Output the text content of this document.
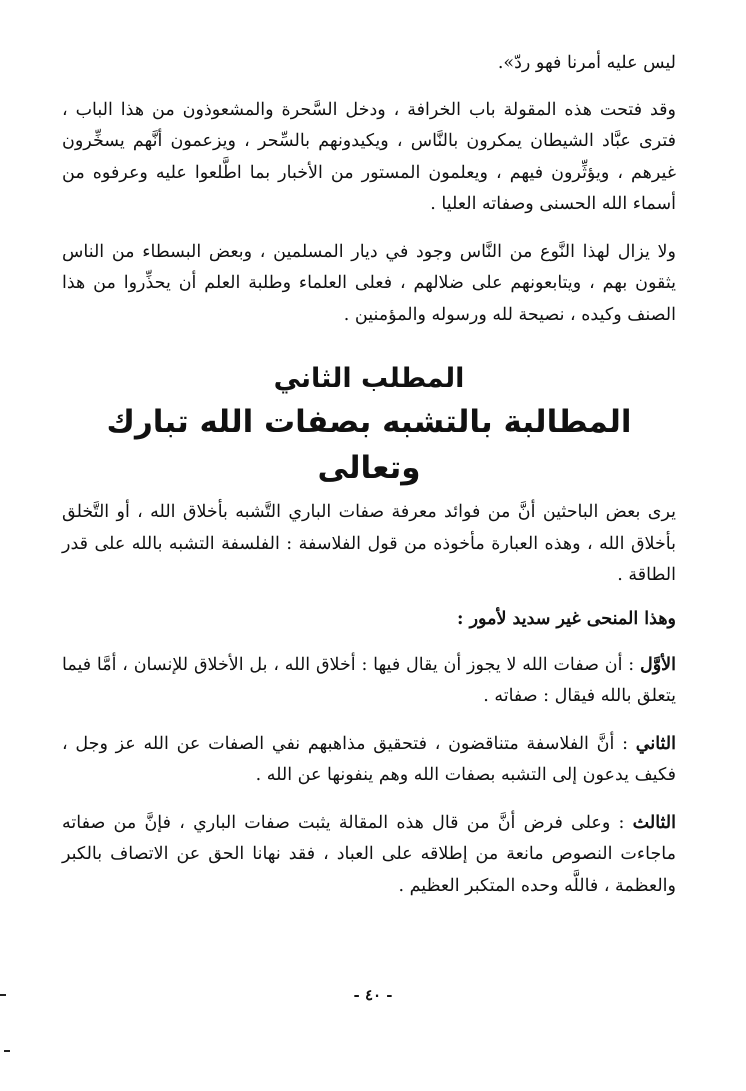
ليس عليه أمرنا فهو ردّ».

وقد فتحت هذه المقولة باب الخرافة ، ودخل السَّحرة والمشعوذون من هذا الباب ، فترى عبَّاد الشيطان يمكرون بالنَّاس ، ويكيدونهم بالسِّحر ، ويزعمون أنَّهم يسخِّرون غيرهم ، ويؤثِّرون فيهم ، ويعلمون المستور من الأخبار بما اطَّلعوا عليه وعرفوه من أسماء الله الحسنى وصفاته العليا .

ولا يزال لهذا النَّوع من النَّاس وجود في ديار المسلمين ، وبعض البسطاء من الناس يثقون بهم ، ويتابعونهم على ضلالهم ، فعلى العلماء وطلبة العلم أن يحذِّروا من هذا الصنف وكيده ، نصيحة لله ورسوله والمؤمنين .

المطلب الثاني
المطالبة بالتشبه بصفات الله تبارك وتعالى

يرى بعض الباحثين أنَّ من فوائد معرفة صفات الباري التَّشبه بأخلاق الله ، أو التَّخلق بأخلاق الله ، وهذه العبارة مأخوذه من قول الفلاسفة : الفلسفة التشبه بالله على قدر الطاقة .

وهذا المنحى غير سديد لأمور :

الأوَّل : أن صفات الله لا يجوز أن يقال فيها : أخلاق الله ، بل الأخلاق للإنسان ، أمَّا فيما يتعلق بالله فيقال : صفاته .

الثاني : أنَّ الفلاسفة متناقضون ، فتحقيق مذاهبهم نفي الصفات عن الله عز وجل ، فكيف يدعون إلى التشبه بصفات الله وهم ينفونها عن الله .

الثالث : وعلى فرض أنَّ من قال هذه المقالة يثبت صفات الباري ، فإنَّ من صفاته ماجاءت النصوص مانعة من إطلاقه على العباد ، فقد نهانا الحق عن الاتصاف بالكبر والعظمة ، فاللَّه وحده المتكبر العظيم .

- ٤٠ -
